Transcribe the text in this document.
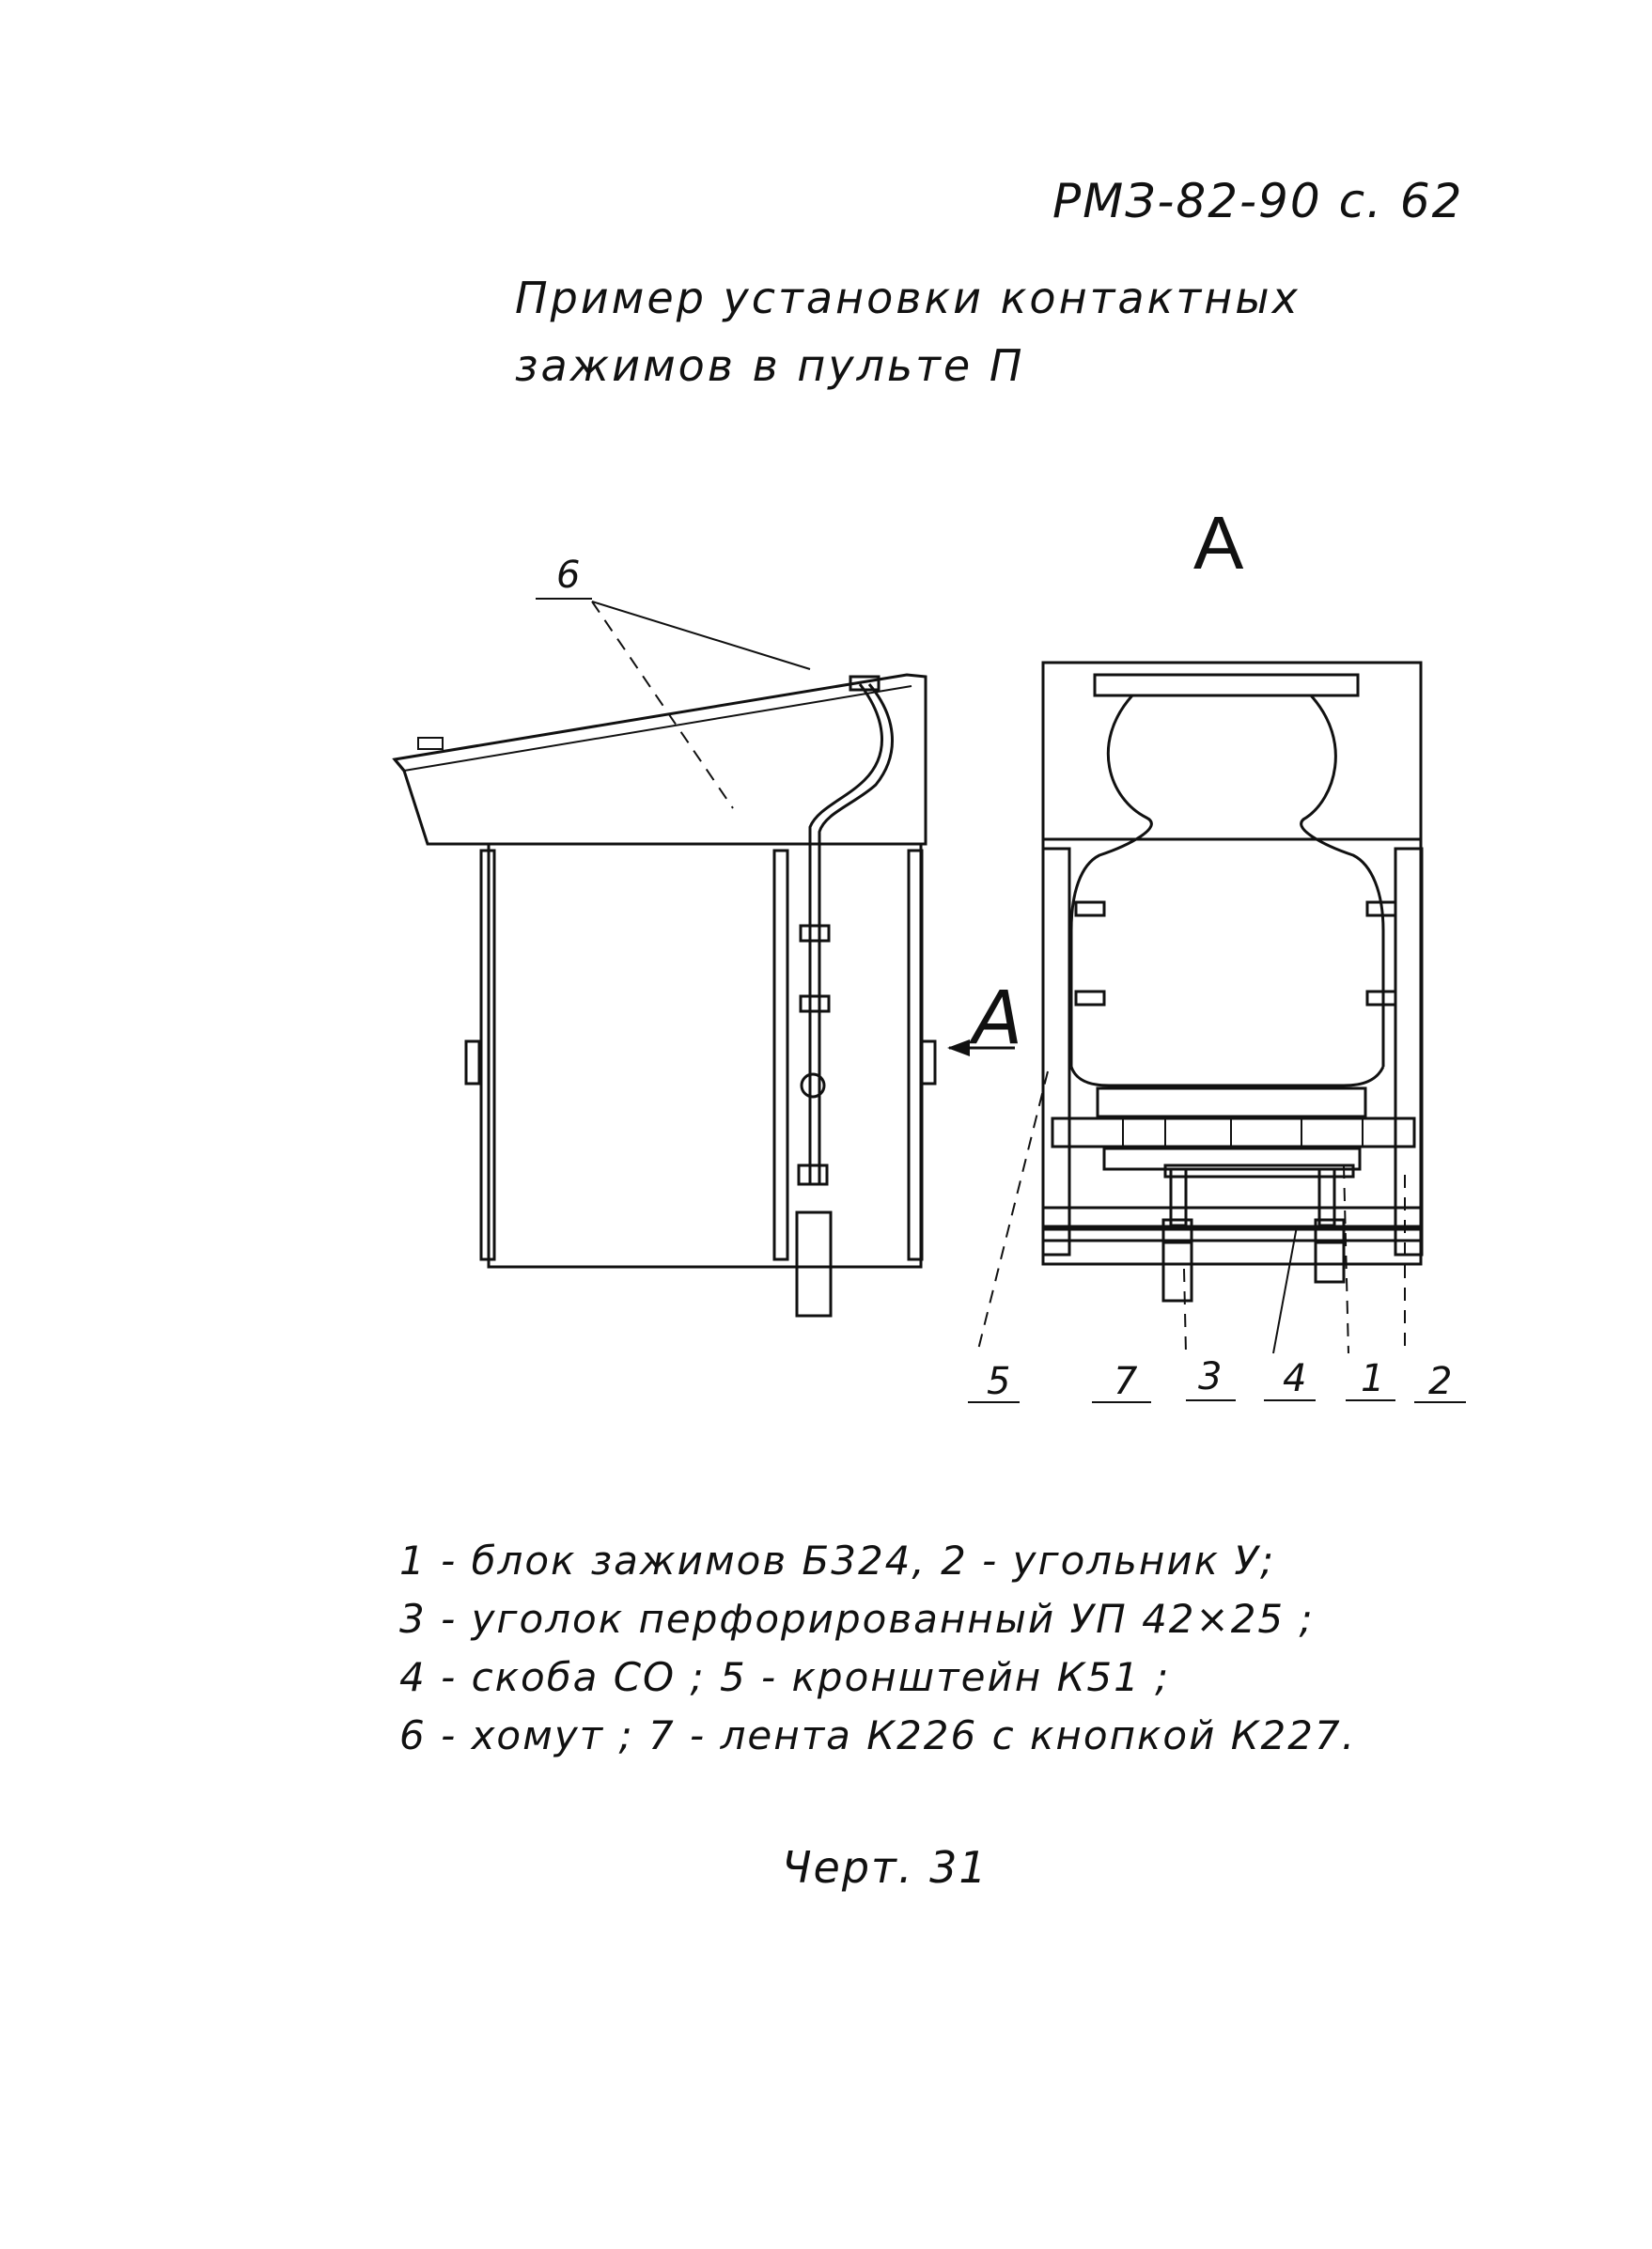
РМЗ-82-90 с. 62
Пример установки контактных
зажимов в пульте П
6
А
А
5	7 3 4 1 2
1 - блок зажимов Б324, 2 - угольник У;
3 - уголок перфорированный УП 42×25 ;
4 - скоба СО ; 5 - кронштейн К51 ;
6 - хомут ; 7 - лента К226 с кнопкой К227.
Черт. 31
